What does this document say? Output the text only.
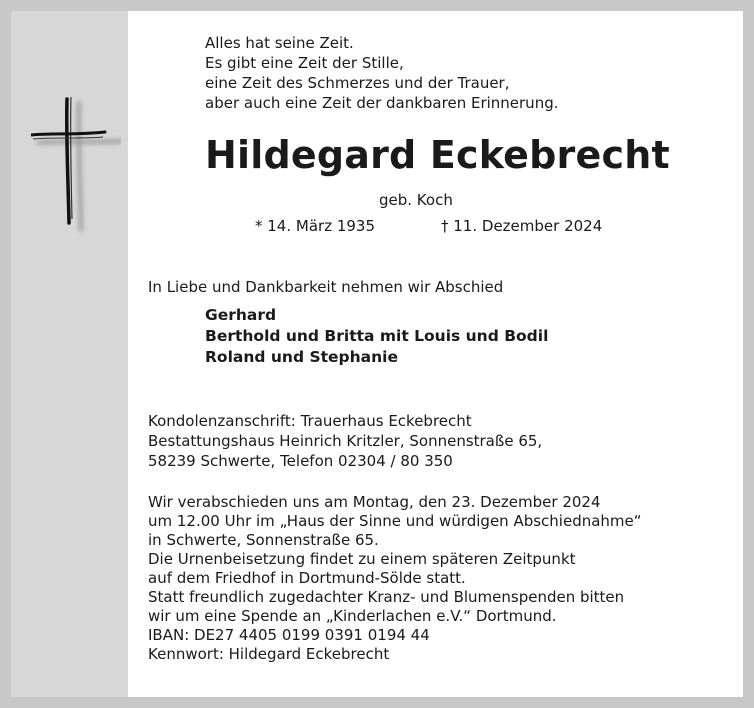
Alles hat seine Zeit.
Es gibt eine Zeit der Stille,
eine Zeit des Schmerzes und der Trauer,
aber auch eine Zeit der dankbaren Erinnerung.
Hildegard Eckebrecht
geb. Koch
* 14. März 1935	† 11. Dezember 2024
In Liebe und Dankbarkeit nehmen wir Abschied
Gerhard
Berthold und Britta mit Louis und Bodil
Roland und Stephanie
Kondolenzanschrift: Trauerhaus Eckebrecht
Bestattungshaus Heinrich Kritzler, Sonnenstraße 65,
58239 Schwerte, Telefon 02304 / 80 350
Wir verabschieden uns am Montag, den 23. Dezember 2024
um 12.00 Uhr im „Haus der Sinne und würdigen Abschiednahme“
in Schwerte, Sonnenstraße 65.
Die Urnenbeisetzung findet zu einem späteren Zeitpunkt
auf dem Friedhof in Dortmund-Sölde statt.
Statt freundlich zugedachter Kranz- und Blumenspenden bitten
wir um eine Spende an „Kinderlachen e.V.“ Dortmund.
IBAN: DE27 4405 0199 0391 0194 44
Kennwort: Hildegard Eckebrecht
